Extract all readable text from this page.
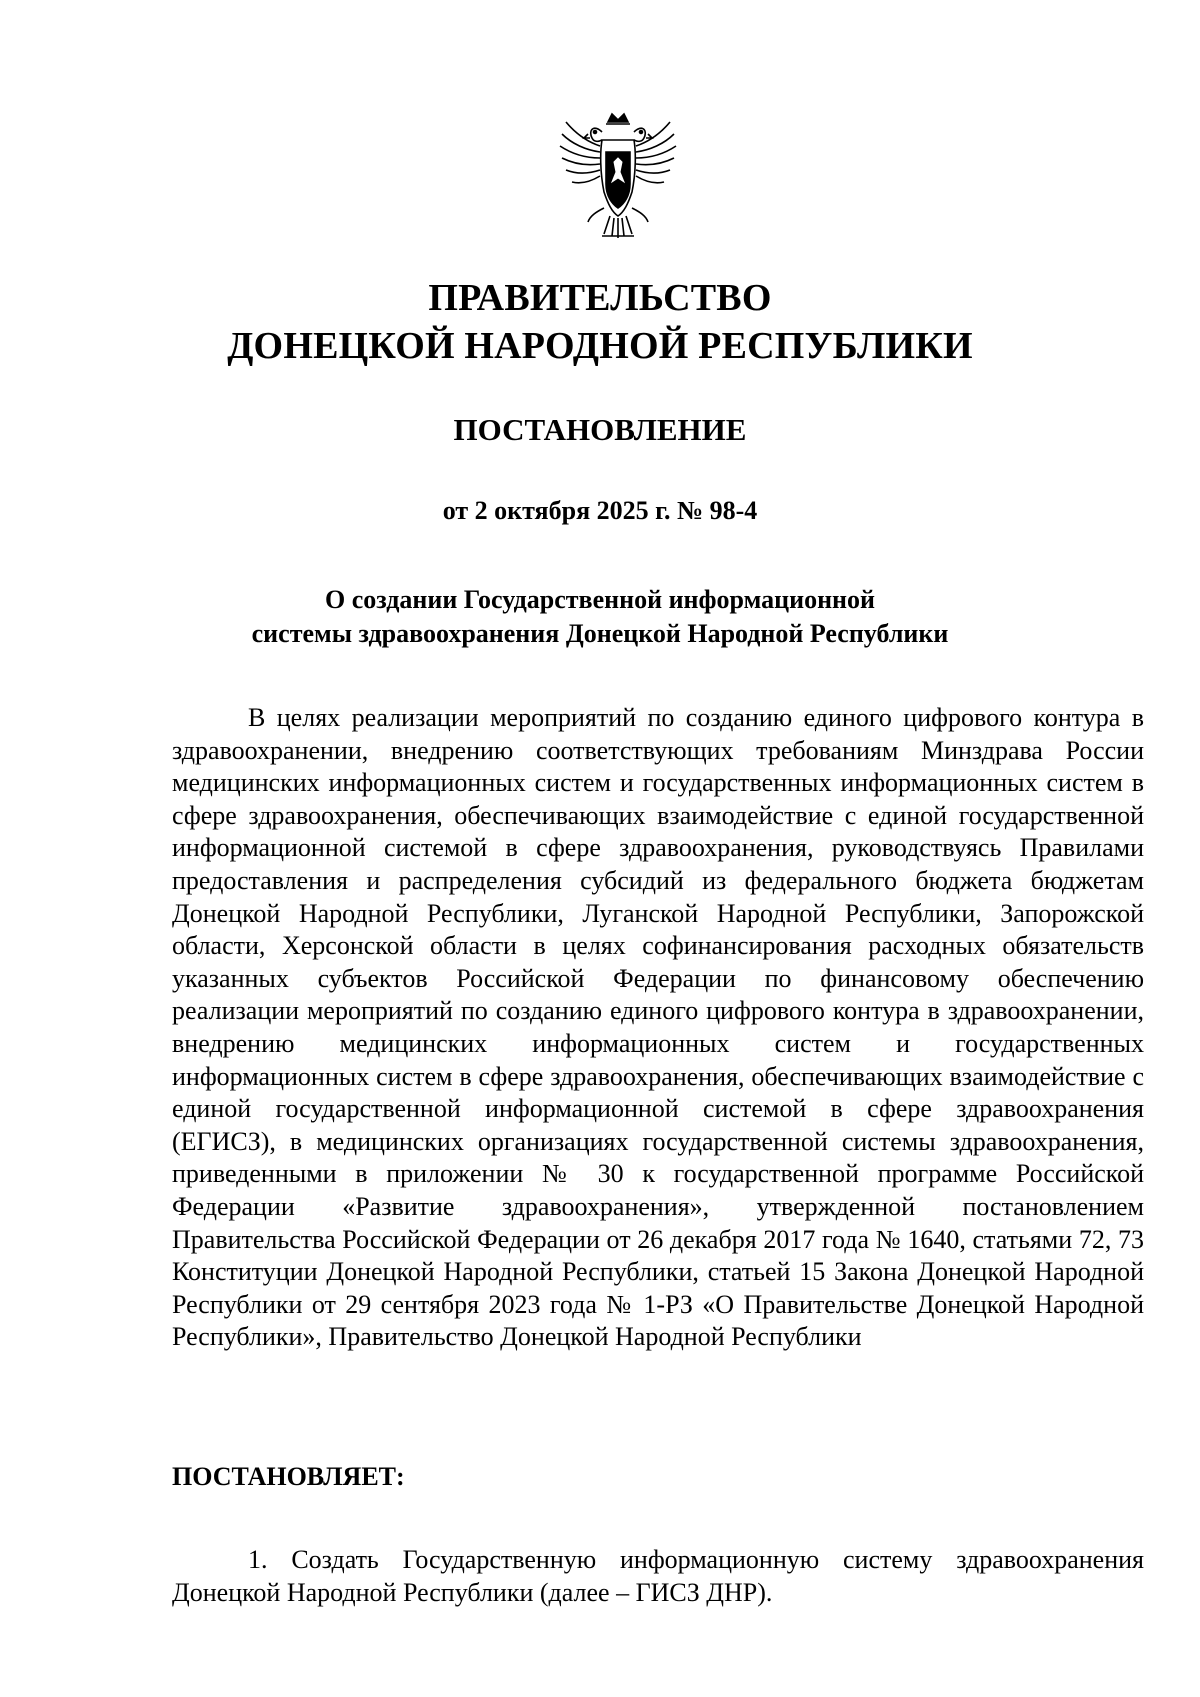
ПРАВИТЕЛЬСТВО
ДОНЕЦКОЙ НАРОДНОЙ РЕСПУБЛИКИ
ПОСТАНОВЛЕНИЕ
от 2 октября 2025 г. № 98-4
О создании Государственной информационной
системы здравоохранения Донецкой Народной Республики

В целях реализации мероприятий по созданию единого цифрового контура в здравоохранении, внедрению соответствующих требованиям Минздрава России медицинских информационных систем и государственных информационных систем в сфере здравоохранения, обеспечивающих взаимодействие с единой государственной информационной системой в сфере здравоохранения, руководствуясь Правилами предоставления и распределения субсидий из федерального бюджета бюджетам Донецкой Народной Республики, Луганской Народной Республики, Запорожской области, Херсонской области в целях софинансирования расходных обязательств указанных субъектов Российской Федерации по финансовому обеспечению реализации мероприятий по созданию единого цифрового контура в здравоохранении, внедрению медицинских информационных систем и государственных информационных систем в сфере здравоохранения, обеспечивающих взаимодействие с единой государственной информационной системой в сфере здравоохранения (ЕГИСЗ), в медицинских организациях государственной системы здравоохранения, приведенными в приложении № 30 к государственной программе Российской Федерации «Развитие здравоохранения», утвержденной постановлением Правительства Российской Федерации от 26 декабря 2017 года № 1640, статьями 72, 73 Конституции Донецкой Народной Республики, статьей 15 Закона Донецкой Народной Республики от 29 сентября 2023 года № 1-РЗ «О Правительстве Донецкой Народной Республики», Правительство Донецкой Народной Республики

ПОСТАНОВЛЯЕТ:

1. Создать Государственную информационную систему здравоохранения Донецкой Народной Республики (далее – ГИСЗ ДНР).
